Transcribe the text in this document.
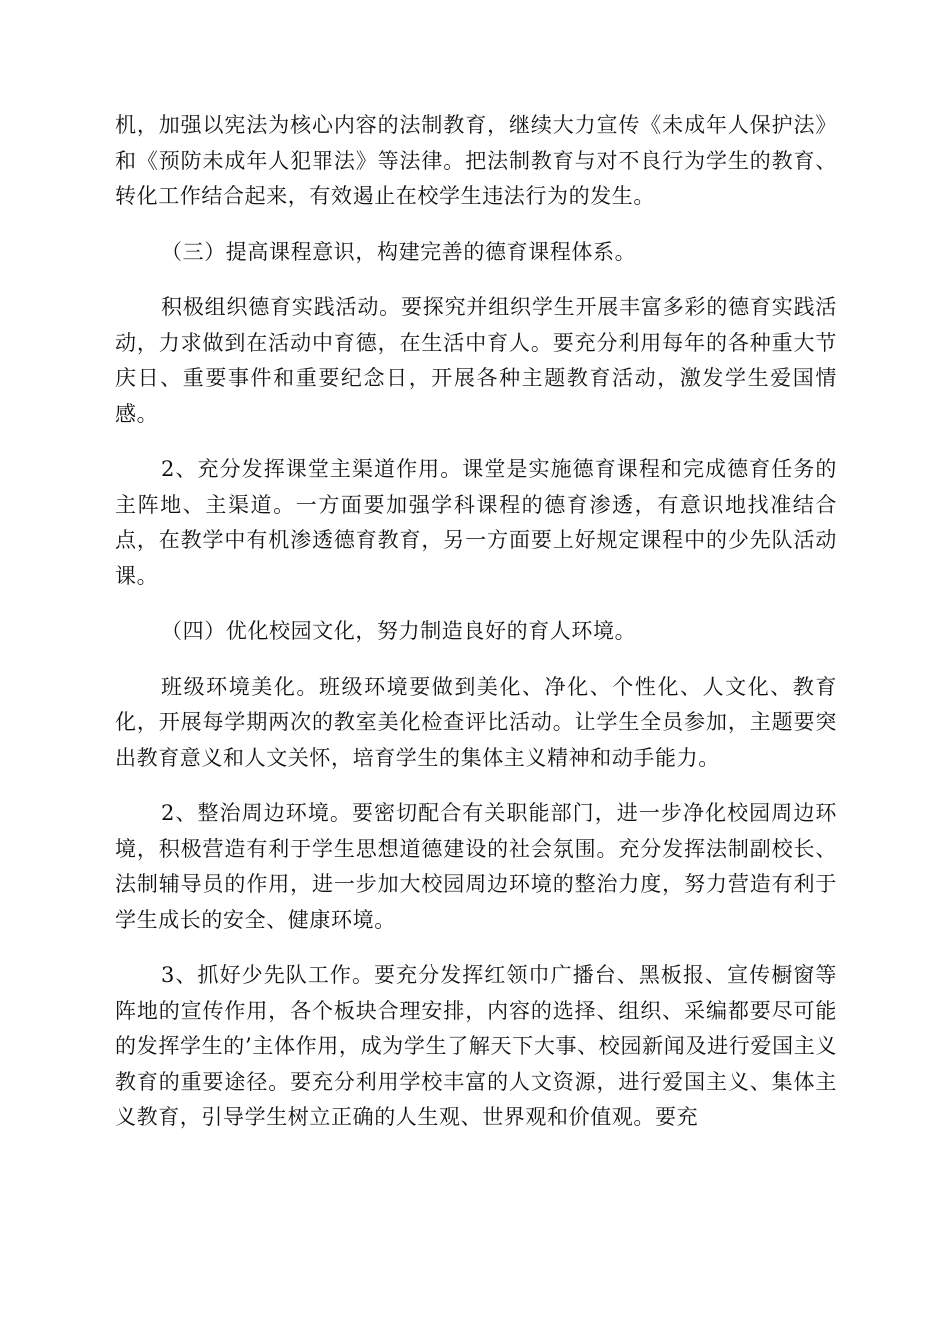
机，加强以宪法为核心内容的法制教育，继续大力宣传《未成年人保护法》和《预防未成年人犯罪法》等法律。把法制教育与对不良行为学生的教育、转化工作结合起来，有效遏止在校学生违法行为的发生。

（三）提高课程意识，构建完善的德育课程体系。

积极组织德育实践活动。要探究并组织学生开展丰富多彩的德育实践活动，力求做到在活动中育德，在生活中育人。要充分利用每年的各种重大节庆日、重要事件和重要纪念日，开展各种主题教育活动，激发学生爱国情感。

2、充分发挥课堂主渠道作用。课堂是实施德育课程和完成德育任务的主阵地、主渠道。一方面要加强学科课程的德育渗透，有意识地找准结合点，在教学中有机渗透德育教育，另一方面要上好规定课程中的少先队活动课。

（四）优化校园文化，努力制造良好的育人环境。

班级环境美化。班级环境要做到美化、净化、个性化、人文化、教育化，开展每学期两次的教室美化检查评比活动。让学生全员参加，主题要突出教育意义和人文关怀，培育学生的集体主义精神和动手能力。

2、整治周边环境。要密切配合有关职能部门，进一步净化校园周边环境，积极营造有利于学生思想道德建设的社会氛围。充分发挥法制副校长、法制辅导员的作用，进一步加大校园周边环境的整治力度，努力营造有利于学生成长的安全、健康环境。

3、抓好少先队工作。要充分发挥红领巾广播台、黑板报、宣传橱窗等阵地的宣传作用，各个板块合理安排，内容的选择、组织、采编都要尽可能的发挥学生的’主体作用，成为学生了解天下大事、校园新闻及进行爱国主义教育的重要途径。要充分利用学校丰富的人文资源，进行爱国主义、集体主义教育，引导学生树立正确的人生观、世界观和价值观。要充
